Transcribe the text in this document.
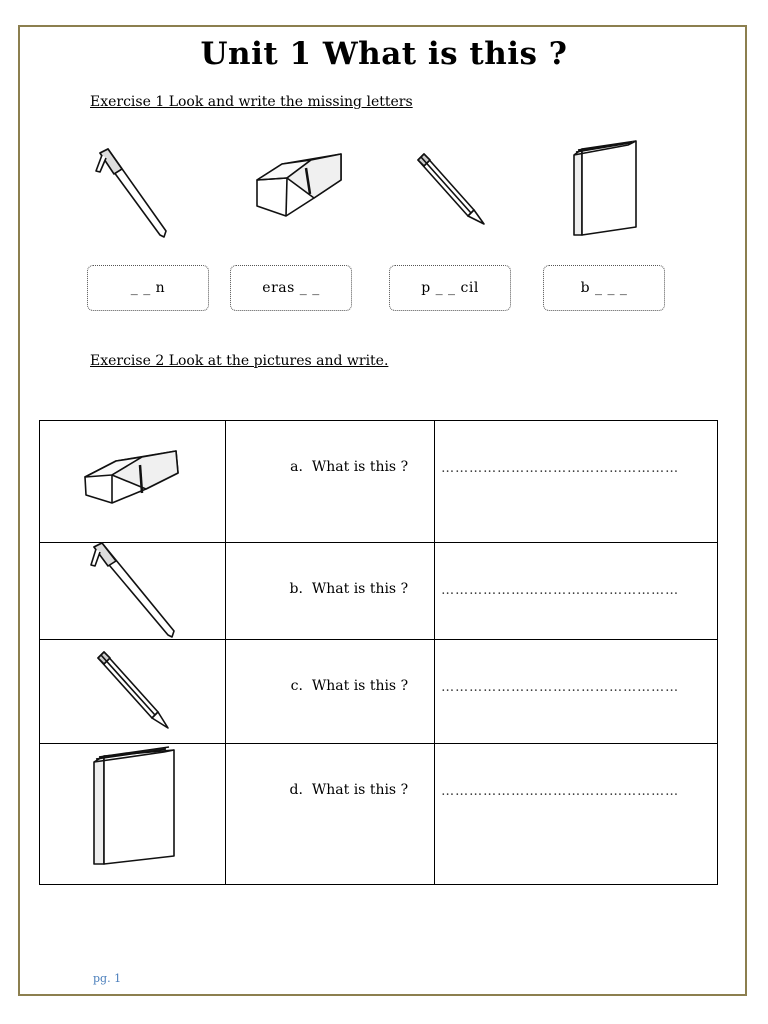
Unit 1 What is this ?
Exercise 1 Look and write the missing letters
_ _ n	eras _ _	p _ _ cil	b _ _ _
Exercise 2 Look at the pictures and write.
	a. What is this ?	……………………………………………

	b. What is this ?	……………………………………………

	c. What is this ?	……………………………………………

	d. What is this ?	……………………………………………
pg. 1
